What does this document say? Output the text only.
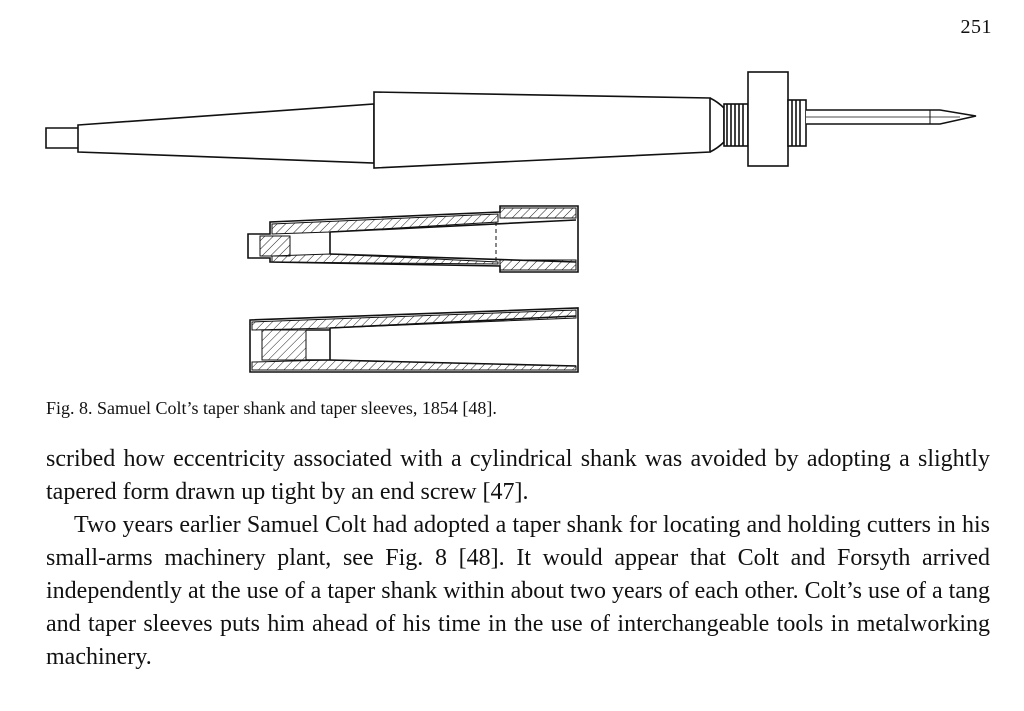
251
Fig. 8. Samuel Colt’s taper shank and taper sleeves, 1854 [48].

scribed how eccentricity associated with a cylindrical shank was avoided by adopting a slightly tapered form drawn up tight by an end screw [47].

Two years earlier Samuel Colt had adopted a taper shank for locating and holding cutters in his small-arms machinery plant, see Fig. 8 [48]. It would appear that Colt and Forsyth arrived independently at the use of a taper shank within about two years of each other. Colt’s use of a tang and taper sleeves puts him ahead of his time in the use of interchangeable tools in metalworking machinery.
